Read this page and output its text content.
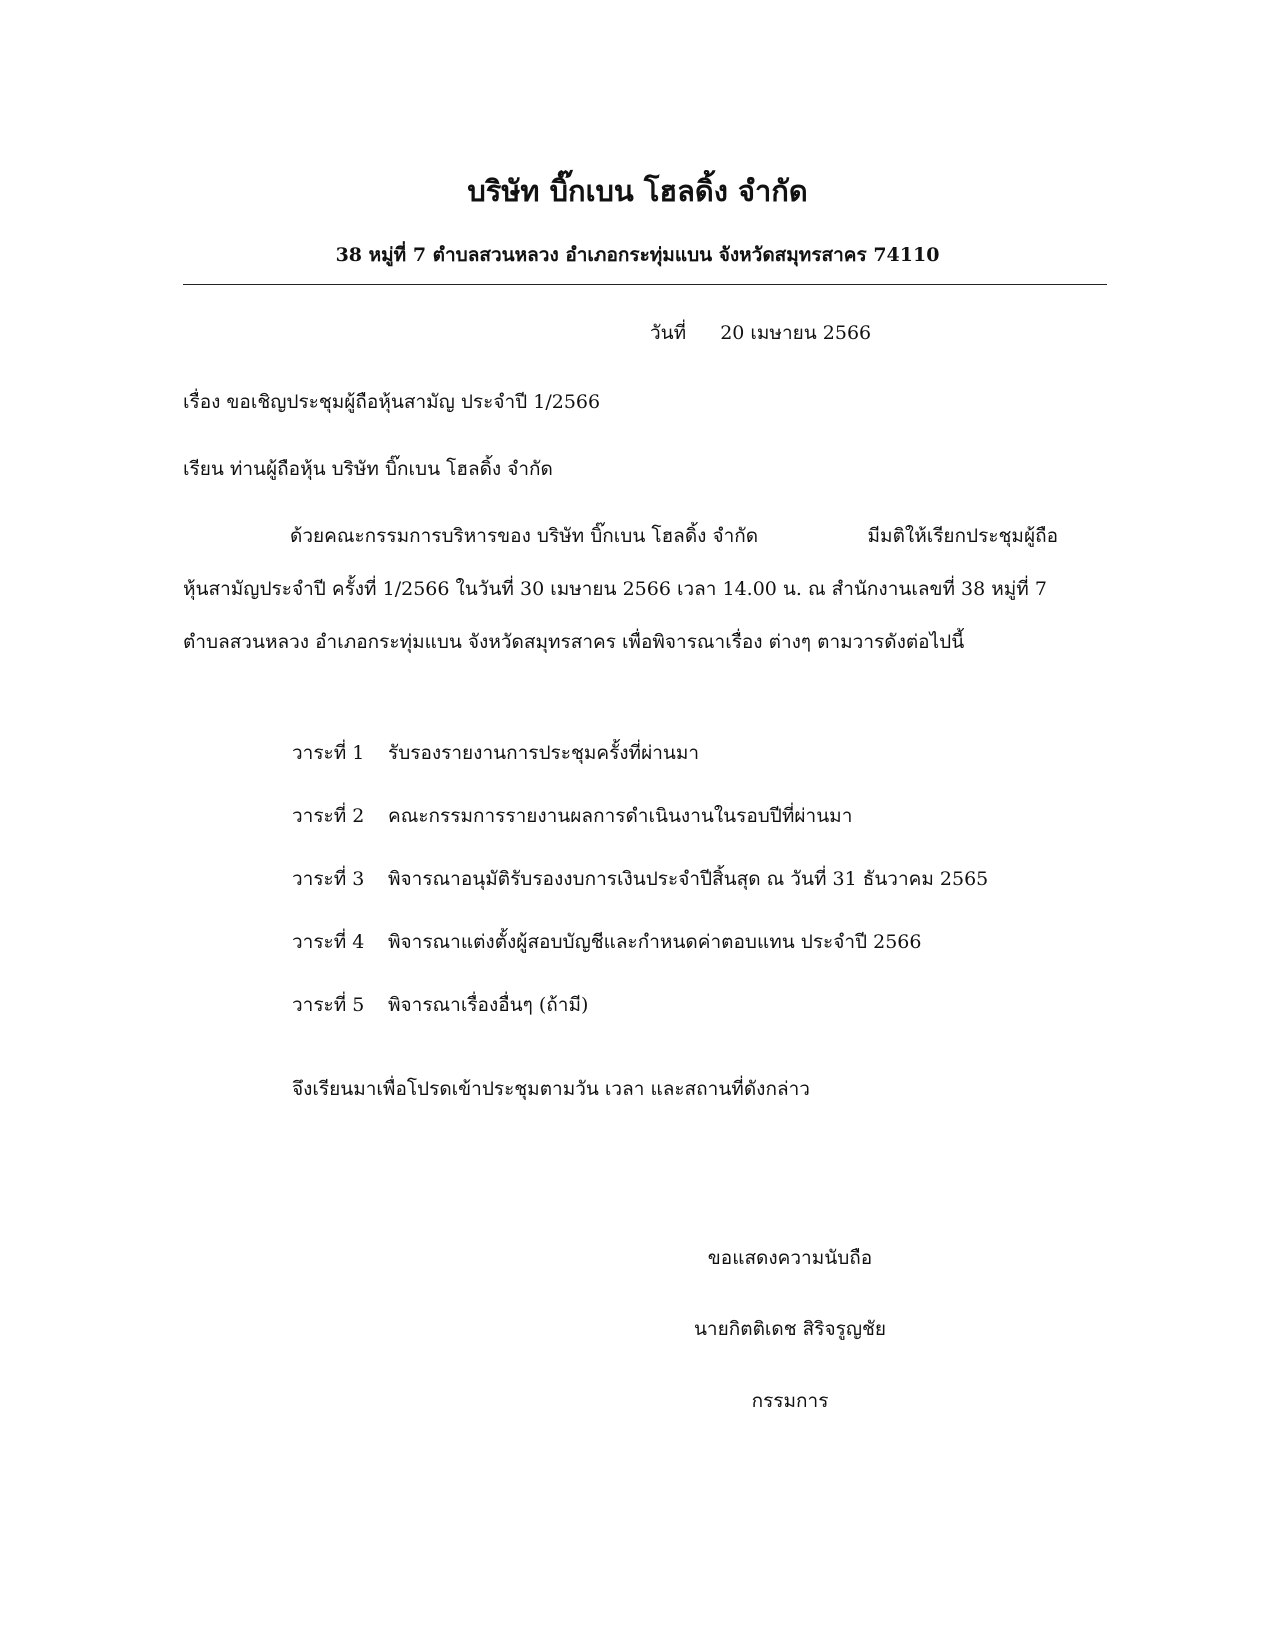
บริษัท บิ๊กเบน โฮลดิ้ง จำกัด

38 หมู่ที่ 7 ตำบลสวนหลวง อำเภอกระทุ่มแบน จังหวัดสมุทรสาคร 74110

วันที่ 20 เมษายน 2566

เรื่อง ขอเชิญประชุมผู้ถือหุ้นสามัญ ประจำปี 1/2566

เรียน ท่านผู้ถือหุ้น บริษัท บิ๊กเบน โฮลดิ้ง จำกัด

ด้วยคณะกรรมการบริหารของ บริษัท บิ๊กเบน โฮลดิ้ง จำกัด	มีมติให้เรียกประชุมผู้ถือ

หุ้นสามัญประจำปี ครั้งที่ 1/2566 ในวันที่ 30 เมษายน 2566 เวลา 14.00 น. ณ สำนักงานเลขที่ 38 หมู่ที่ 7

ตำบลสวนหลวง อำเภอกระทุ่มแบน จังหวัดสมุทรสาคร เพื่อพิจารณาเรื่อง ต่างๆ ตามวารดังต่อไปนี้

วาระที่ 1	รับรองรายงานการประชุมครั้งที่ผ่านมา
วาระที่ 2	คณะกรรมการรายงานผลการดำเนินงานในรอบปีที่ผ่านมา
วาระที่ 3	พิจารณาอนุมัติรับรองงบการเงินประจำปีสิ้นสุด ณ วันที่ 31 ธันวาคม 2565
วาระที่ 4	พิจารณาแต่งตั้งผู้สอบบัญชีและกำหนดค่าตอบแทน ประจำปี 2566
วาระที่ 5	พิจารณาเรื่องอื่นๆ (ถ้ามี)

จึงเรียนมาเพื่อโปรดเข้าประชุมตามวัน เวลา และสถานที่ดังกล่าว

ขอแสดงความนับถือ

นายกิตติเดช สิริจรูญชัย

กรรมการ
